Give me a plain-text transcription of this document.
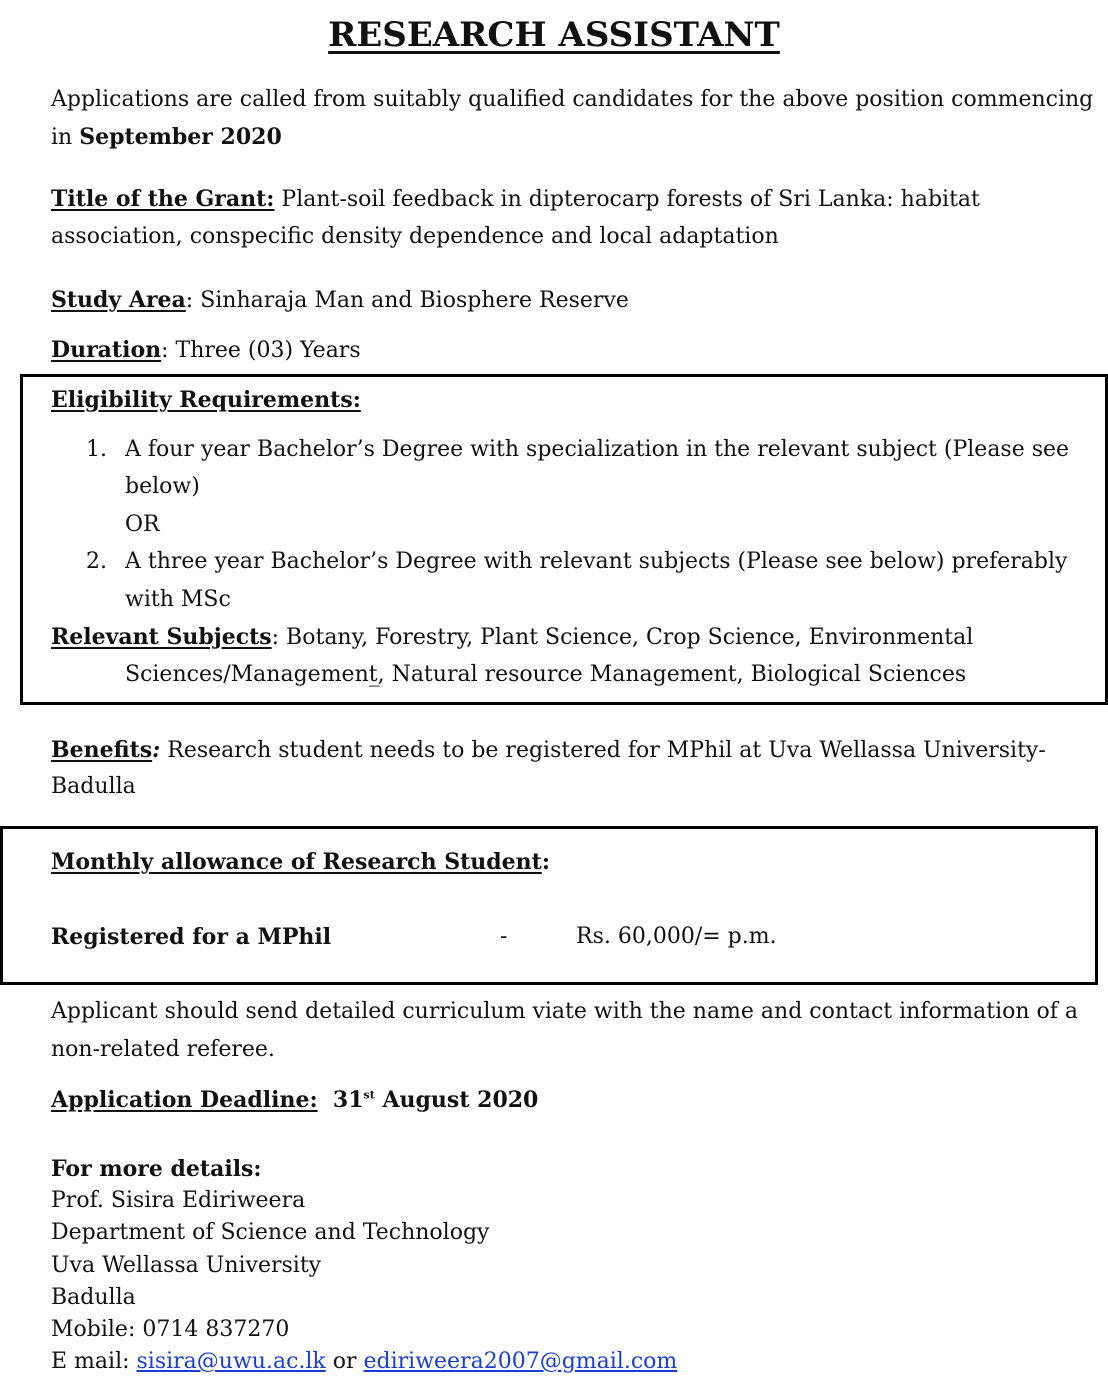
RESEARCH ASSISTANT
Applications are called from suitably qualified candidates for the above position commencing
in September 2020
Title of the Grant: Plant-soil feedback in dipterocarp forests of Sri Lanka: habitat
association, conspecific density dependence and local adaptation
Study Area: Sinharaja Man and Biosphere Reserve
Duration: Three (03) Years
Eligibility Requirements:
1. A four year Bachelor’s Degree with specialization in the relevant subject (Please see
below)
OR
2. A three year Bachelor’s Degree with relevant subjects (Please see below) preferably
with MSc
Relevant Subjects: Botany, Forestry, Plant Science, Crop Science, Environmental
Sciences/Management̲, Natural resource Management, Biological Sciences
Benefits: Research student needs to be registered for MPhil at Uva Wellassa University-
Badulla
Monthly allowance of Research Student:
Registered for a MPhil	-	Rs. 60,000/= p.m.
Applicant should send detailed curriculum viate with the name and contact information of a
non-related referee.
Application Deadline: 31st August 2020
For more details:
Prof. Sisira Ediriweera
Department of Science and Technology
Uva Wellassa University
Badulla
Mobile: 0714 837270
E mail: sisira@uwu.ac.lk or ediriweera2007@gmail.com
